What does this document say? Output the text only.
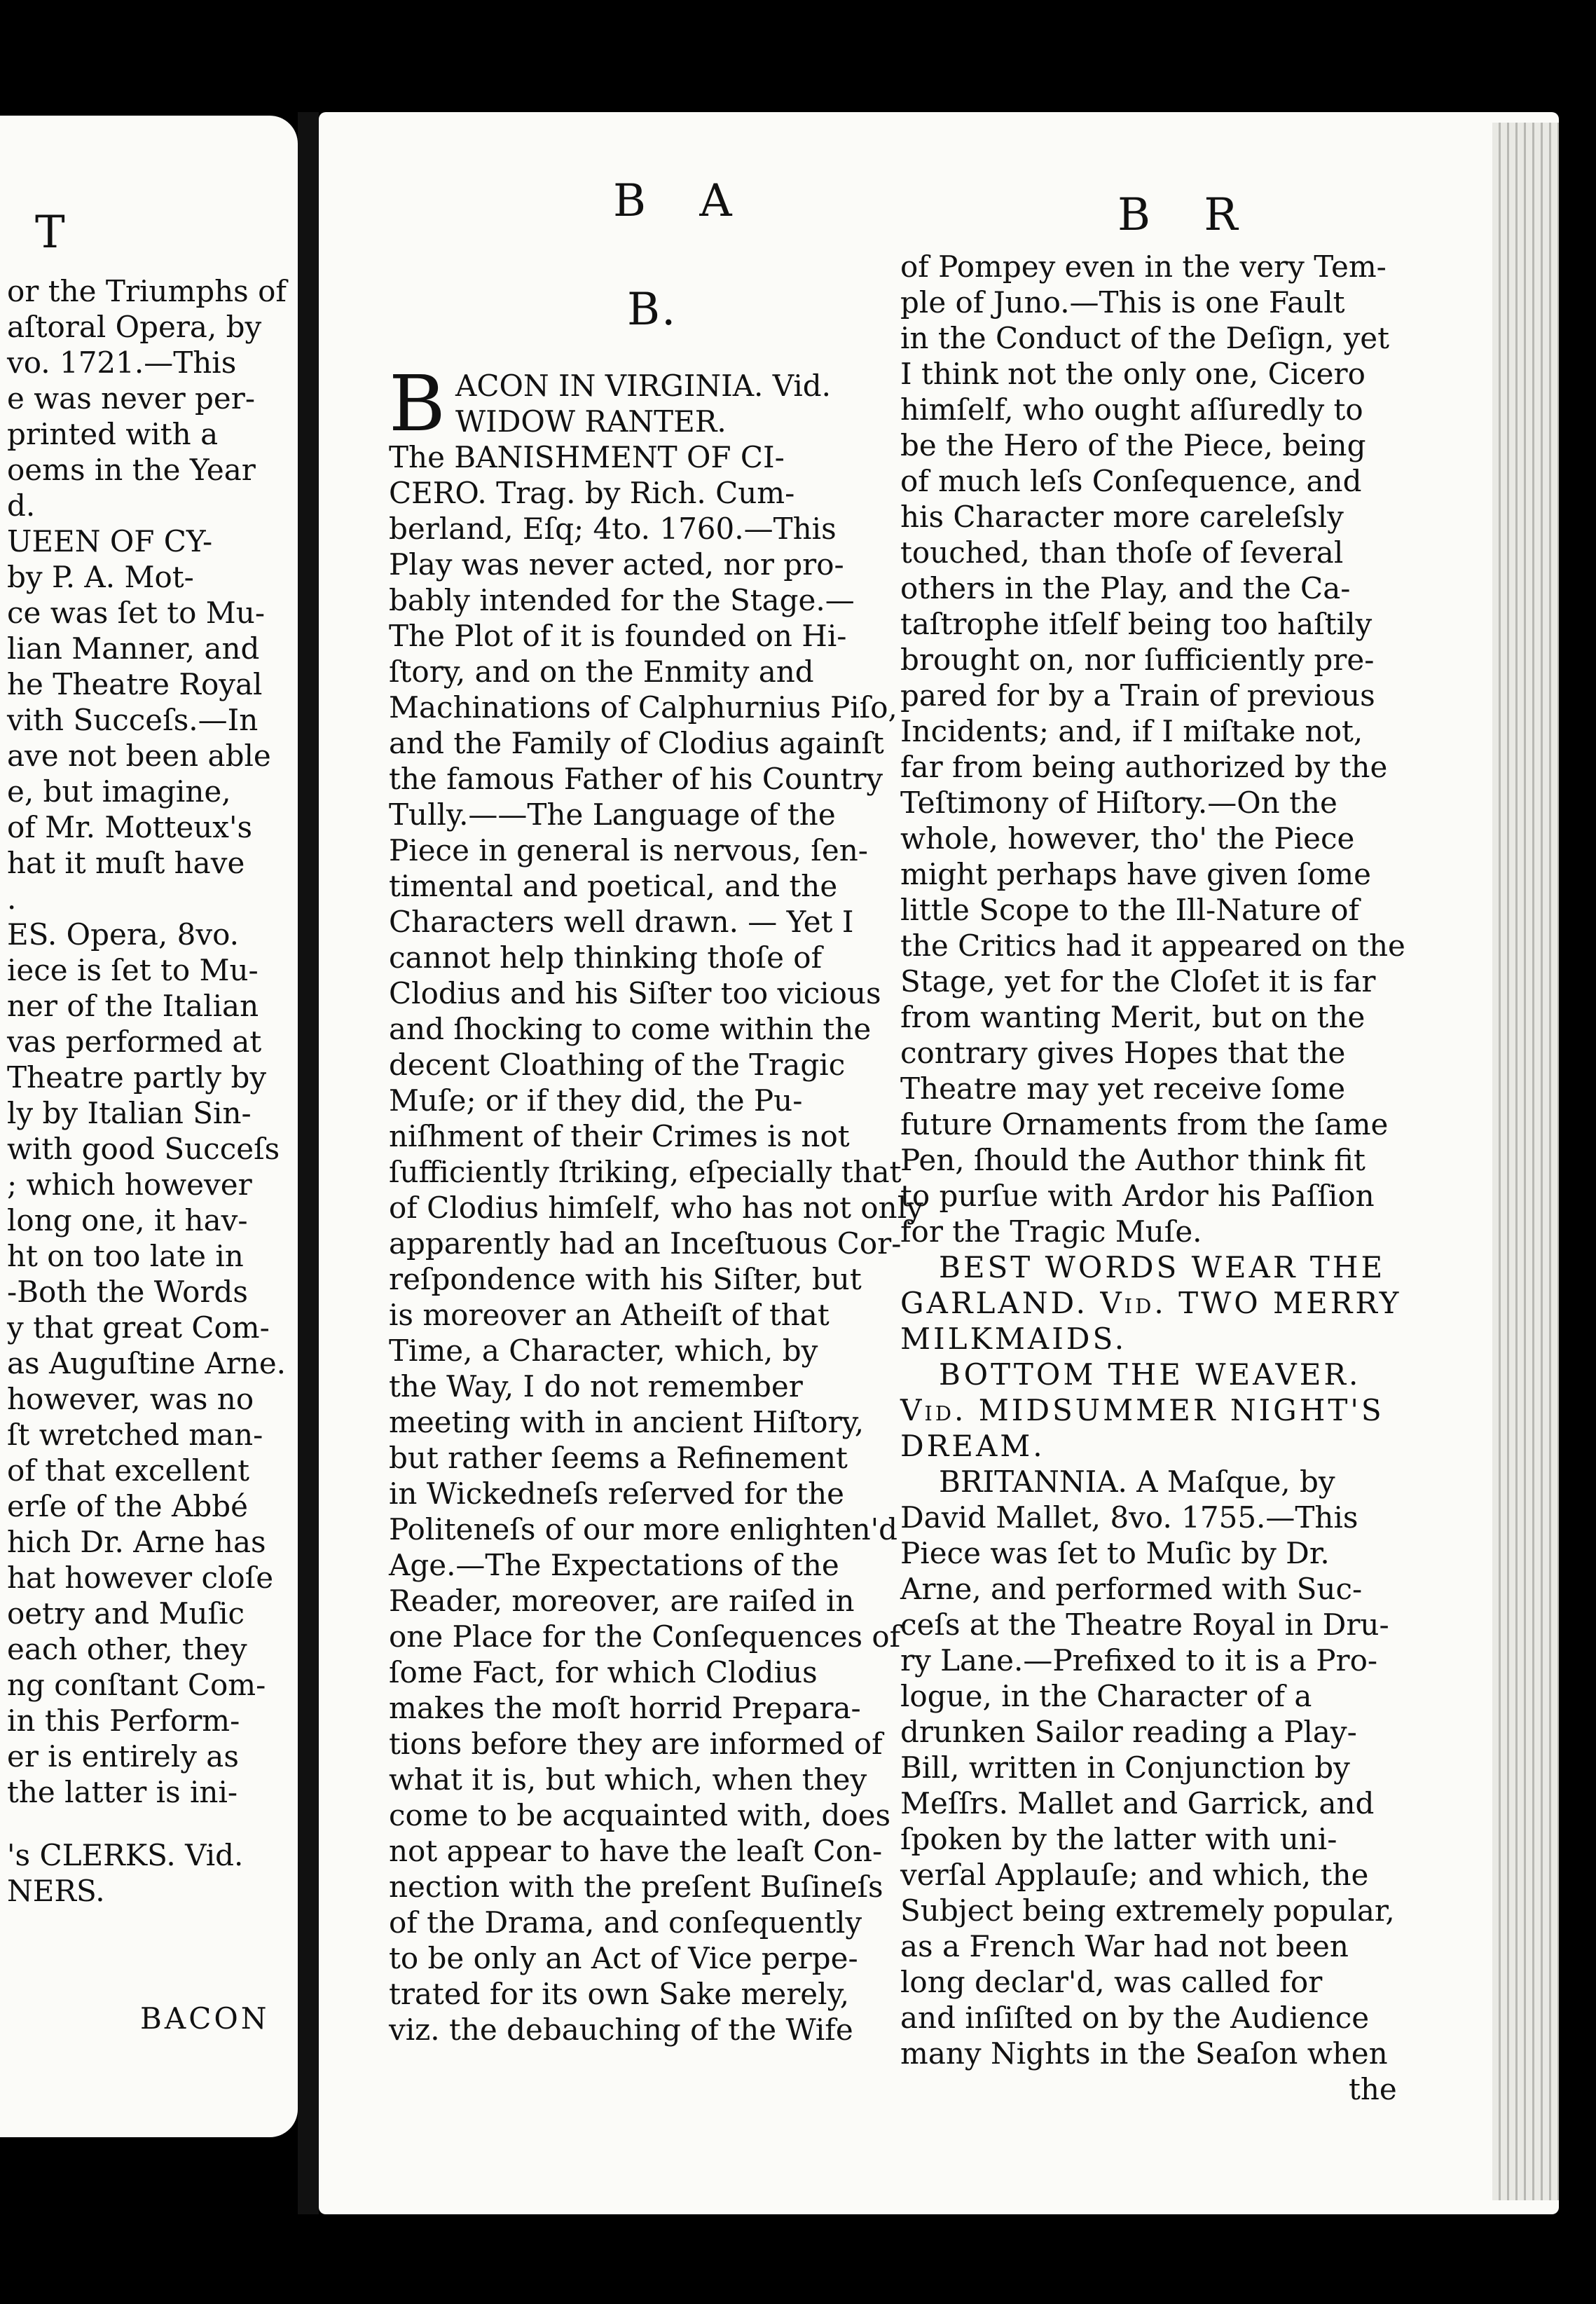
T
or the Triumphs of
aſtoral Opera, by
vo. 1721.—This
e was never per-
printed with a
oems in the Year
d.
UEEN OF CY-
by P. A. Mot-
ce was ſet to Mu-
lian Manner, and
he Theatre Royal
vith Succeſs.—In
ave not been able
e, but imagine,
of Mr. Motteux's
hat it muſt have
.
ES. Opera, 8vo.
iece is ſet to Mu-
ner of the Italian
vas performed at
Theatre partly by
ly by Italian Sin-
with good Succeſs
; which however
long one, it hav-
ht on too late in
-Both the Words
y that great Com-
as Auguſtine Arne.
however, was no
ſt wretched man-
of that excellent
erſe of the Abbé
hich Dr. Arne has
hat however cloſe
oetry and Muſic
each other, they
ng conſtant Com-
in this Perform-
er is entirely as
the latter is ini-
's CLERKS. Vid.
NERS.
BACON
B A	B R
B.
ACON IN VIRGINIA. Vid.
WIDOW RANTER.
The BANISHMENT OF CI-
CERO. Trag. by Rich. Cum-
berland, Eſq; 4to. 1760.—This
Play was never acted, nor pro-
bably intended for the Stage.—
The Plot of it is founded on Hi-
ſtory, and on the Enmity and
Machinations of Calphurnius Piſo,
and the Family of Clodius againſt
the famous Father of his Country
Tully.——The Language of the
Piece in general is nervous, ſen-
timental and poetical, and the
Characters well drawn. — Yet I
cannot help thinking thoſe of
Clodius and his Siſter too vicious
and ſhocking to come within the
decent Cloathing of the Tragic
Muſe; or if they did, the Pu-
niſhment of their Crimes is not
ſufficiently ſtriking, eſpecially that
of Clodius himſelf, who has not only
apparently had an Inceſtuous Cor-
reſpondence with his Siſter, but
is moreover an Atheiſt of that
Time, a Character, which, by
the Way, I do not remember
meeting with in ancient Hiſtory,
but rather ſeems a Refinement
in Wickedneſs reſerved for the
Politeneſs of our more enlighten'd
Age.—The Expectations of the
Reader, moreover, are raiſed in
one Place for the Conſequences of
ſome Fact, for which Clodius
makes the moſt horrid Prepara-
tions before they are informed of
what it is, but which, when they
come to be acquainted with, does
not appear to have the leaſt Con-
nection with the preſent Buſineſs
of the Drama, and conſequently
to be only an Act of Vice perpe-
trated for its own Sake merely,
viz. the debauching of the Wife
B
of Pompey even in the very Tem-
ple of Juno.—This is one Fault
in the Conduct of the Deſign, yet
I think not the only one, Cicero
himſelf, who ought aſſuredly to
be the Hero of the Piece, being
of much leſs Conſequence, and
his Character more careleſsly
touched, than thoſe of ſeveral
others in the Play, and the Ca-
taſtrophe itſelf being too haſtily
brought on, nor ſufficiently pre-
pared for by a Train of previous
Incidents; and, if I miſtake not,
far from being authorized by the
Teſtimony of Hiſtory.—On the
whole, however, tho' the Piece
might perhaps have given ſome
little Scope to the Ill-Nature of
the Critics had it appeared on the
Stage, yet for the Cloſet it is far
from wanting Merit, but on the
contrary gives Hopes that the
Theatre may yet receive ſome
future Ornaments from the ſame
Pen, ſhould the Author think fit
to purſue with Ardor his Paſſion
for the Tragic Muſe.
BEST WORDS WEAR THE
GARLAND. Vid. TWO MERRY
MILKMAIDS.
BOTTOM THE WEAVER.
Vid. MIDSUMMER NIGHT'S
DREAM.
BRITANNIA. A Maſque, by
David Mallet, 8vo. 1755.—This
Piece was ſet to Muſic by Dr.
Arne, and performed with Suc-
ceſs at the Theatre Royal in Dru-
ry Lane.—Prefixed to it is a Pro-
logue, in the Character of a
drunken Sailor reading a Play-
Bill, written in Conjunction by
Meſſrs. Mallet and Garrick, and
ſpoken by the latter with uni-
verſal Applauſe; and which, the
Subject being extremely popular,
as a French War had not been
long declar'd, was called for
and inſiſted on by the Audience
many Nights in the Seaſon when
the
